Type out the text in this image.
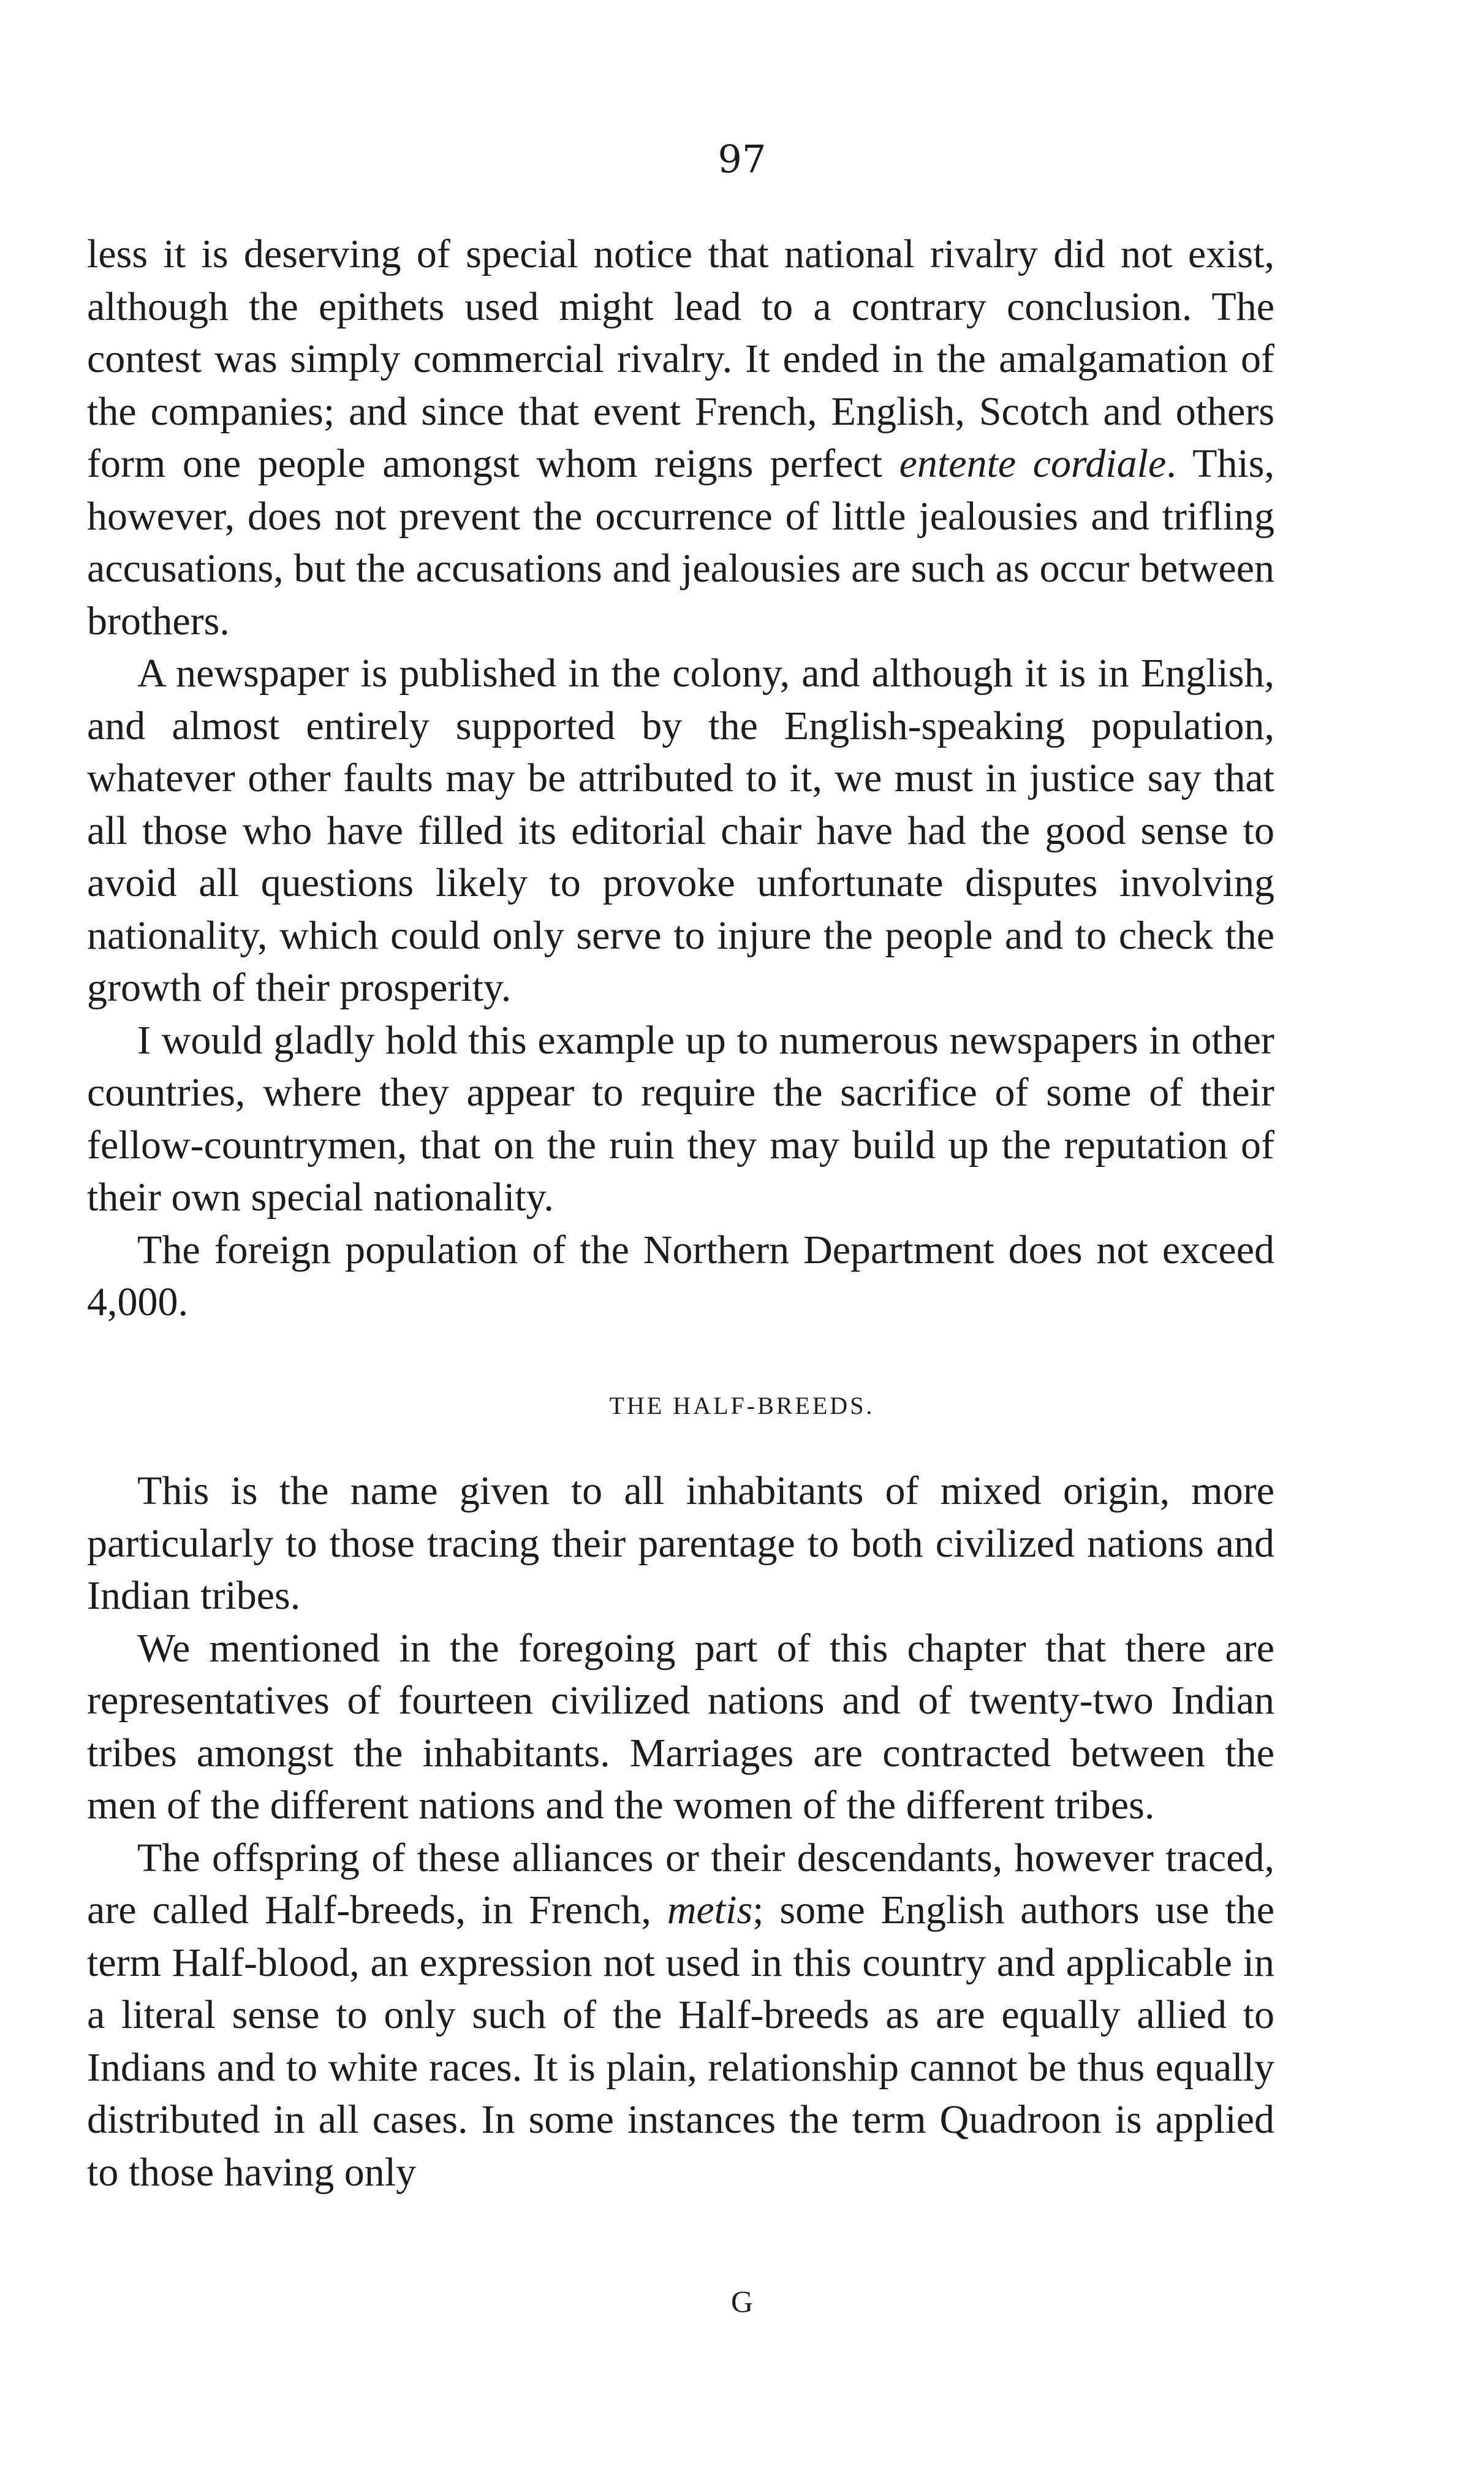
97

less it is deserving of special notice that national rivalry did not exist, although the epithets used might lead to a contrary conclusion. The contest was simply commercial rivalry. It ended in the amalgamation of the companies; and since that event French, English, Scotch and others form one people amongst whom reigns perfect entente cordiale. This, however, does not prevent the occurrence of little jealousies and trifling accusations, but the accusations and jealousies are such as occur between brothers.

A newspaper is published in the colony, and although it is in English, and almost entirely supported by the English-speaking population, whatever other faults may be attributed to it, we must in justice say that all those who have filled its editorial chair have had the good sense to avoid all questions likely to provoke unfortunate disputes involving nationality, which could only serve to injure the people and to check the growth of their prosperity.

I would gladly hold this example up to numerous newspapers in other countries, where they appear to require the sacrifice of some of their fellow-countrymen, that on the ruin they may build up the reputation of their own special nationality.

The foreign population of the Northern Department does not exceed 4,000.

THE HALF-BREEDS.

This is the name given to all inhabitants of mixed origin, more particularly to those tracing their parentage to both civilized nations and Indian tribes.

We mentioned in the foregoing part of this chapter that there are representatives of fourteen civilized nations and of twenty-two Indian tribes amongst the inhabitants. Marriages are contracted between the men of the different nations and the women of the different tribes.

The offspring of these alliances or their descendants, however traced, are called Half-breeds, in French, metis; some English authors use the term Half-blood, an expression not used in this country and applicable in a literal sense to only such of the Half-breeds as are equally allied to Indians and to white races. It is plain, relationship cannot be thus equally distributed in all cases. In some instances the term Quadroon is applied to those having only

G
